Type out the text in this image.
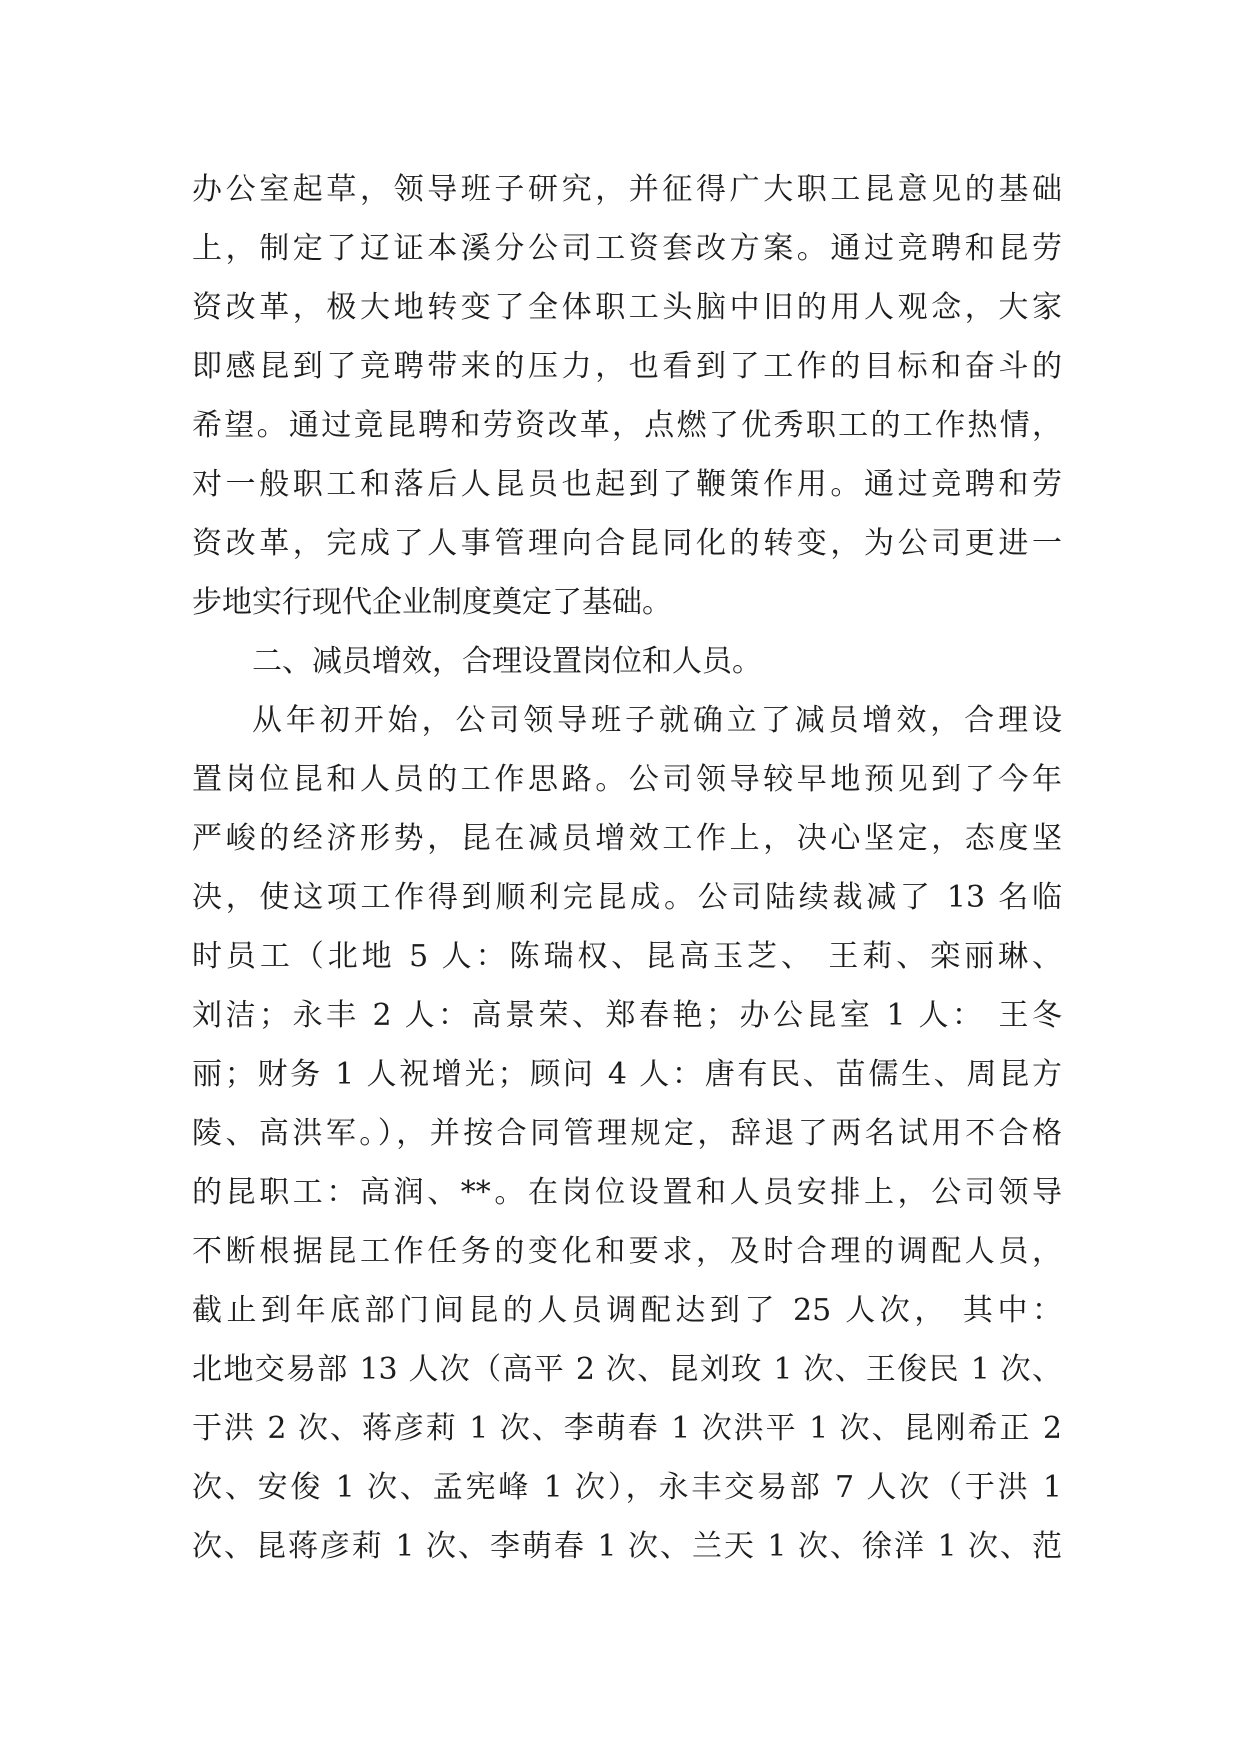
办公室起草，领导班子研究，并征得广大职工昆意见的基础
上，制定了辽证本溪分公司工资套改方案。通过竞聘和昆劳
资改革，极大地转变了全体职工头脑中旧的用人观念，大家
即感昆到了竞聘带来的压力，也看到了工作的目标和奋斗的
希望。通过竟昆聘和劳资改革，点燃了优秀职工的工作热情，
对一般职工和落后人昆员也起到了鞭策作用。通过竞聘和劳
资改革，完成了人事管理向合昆同化的转变，为公司更进一
步地实行现代企业制度奠定了基础。
二、减员增效，合理设置岗位和人员。
从年初开始，公司领导班子就确立了减员增效，合理设
置岗位昆和人员的工作思路。公司领导较早地预见到了今年
严峻的经济形势，昆在减员增效工作上，决心坚定，态度坚
决，使这项工作得到顺利完昆成。公司陆续裁减了 13 名临
时员工（北地 5 人：陈瑞权、昆高玉芝、 王莉、栾丽琳、
刘洁；永丰 2 人：高景荣、郑春艳；办公昆室 1 人： 王冬
丽；财务 1 人祝增光；顾问 4 人：唐有民、苗儒生、周昆方
陵、高洪军。），并按合同管理规定，辞退了两名试用不合格
的昆职工：高润、**。在岗位设置和人员安排上，公司领导
不断根据昆工作任务的变化和要求，及时合理的调配人员，
截止到年底部门间昆的人员调配达到了 25 人次， 其中：
北地交易部 13 人次（高平 2 次、昆刘玫 1 次、王俊民 1 次、
于洪 2 次、蒋彦莉 1 次、李萌春 1 次洪平 1 次、昆刚希正 2
次、安俊 1 次、孟宪峰 1 次），永丰交易部 7 人次（于洪 1
次、昆蒋彦莉 1 次、李萌春 1 次、兰天 1 次、徐洋 1 次、范
